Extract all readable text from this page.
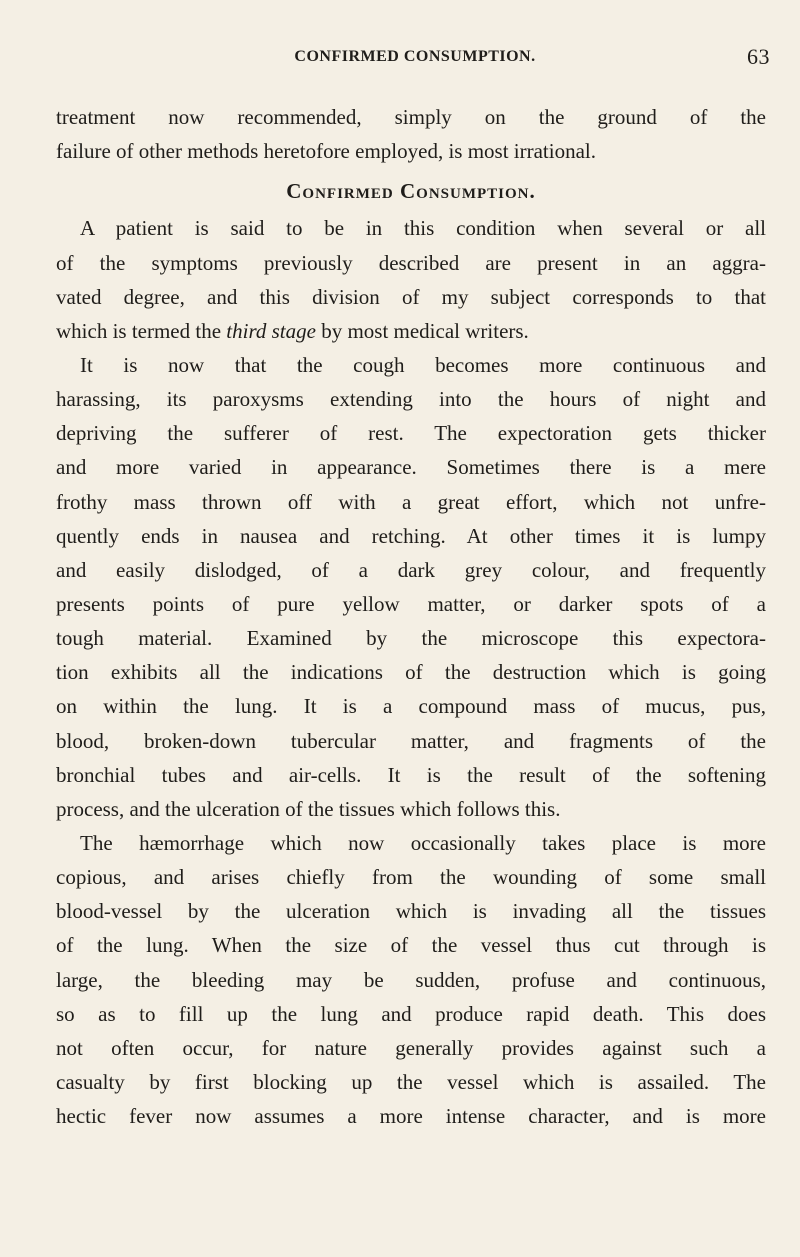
CONFIRMED CONSUMPTION.	63
treatment now recommended, simply on the ground of the
failure of other methods heretofore employed, is most irrational.
Confirmed Consumption.
A patient is said to be in this condition when several or all
of the symptoms previously described are present in an aggra-
vated degree, and this division of my subject corresponds to that
which is termed the third stage by most medical writers.
It is now that the cough becomes more continuous and
harassing, its paroxysms extending into the hours of night and
depriving the sufferer of rest. The expectoration gets thicker
and more varied in appearance. Sometimes there is a mere
frothy mass thrown off with a great effort, which not unfre-
quently ends in nausea and retching. At other times it is lumpy
and easily dislodged, of a dark grey colour, and frequently
presents points of pure yellow matter, or darker spots of a
tough material. Examined by the microscope this expectora-
tion exhibits all the indications of the destruction which is going
on within the lung. It is a compound mass of mucus, pus,
blood, broken-down tubercular matter, and fragments of the
bronchial tubes and air-cells. It is the result of the softening
process, and the ulceration of the tissues which follows this.
The hæmorrhage which now occasionally takes place is more
copious, and arises chiefly from the wounding of some small
blood-vessel by the ulceration which is invading all the tissues
of the lung. When the size of the vessel thus cut through is
large, the bleeding may be sudden, profuse and continuous,
so as to fill up the lung and produce rapid death. This does
not often occur, for nature generally provides against such a
casualty by first blocking up the vessel which is assailed. The
hectic fever now assumes a more intense character, and is more
